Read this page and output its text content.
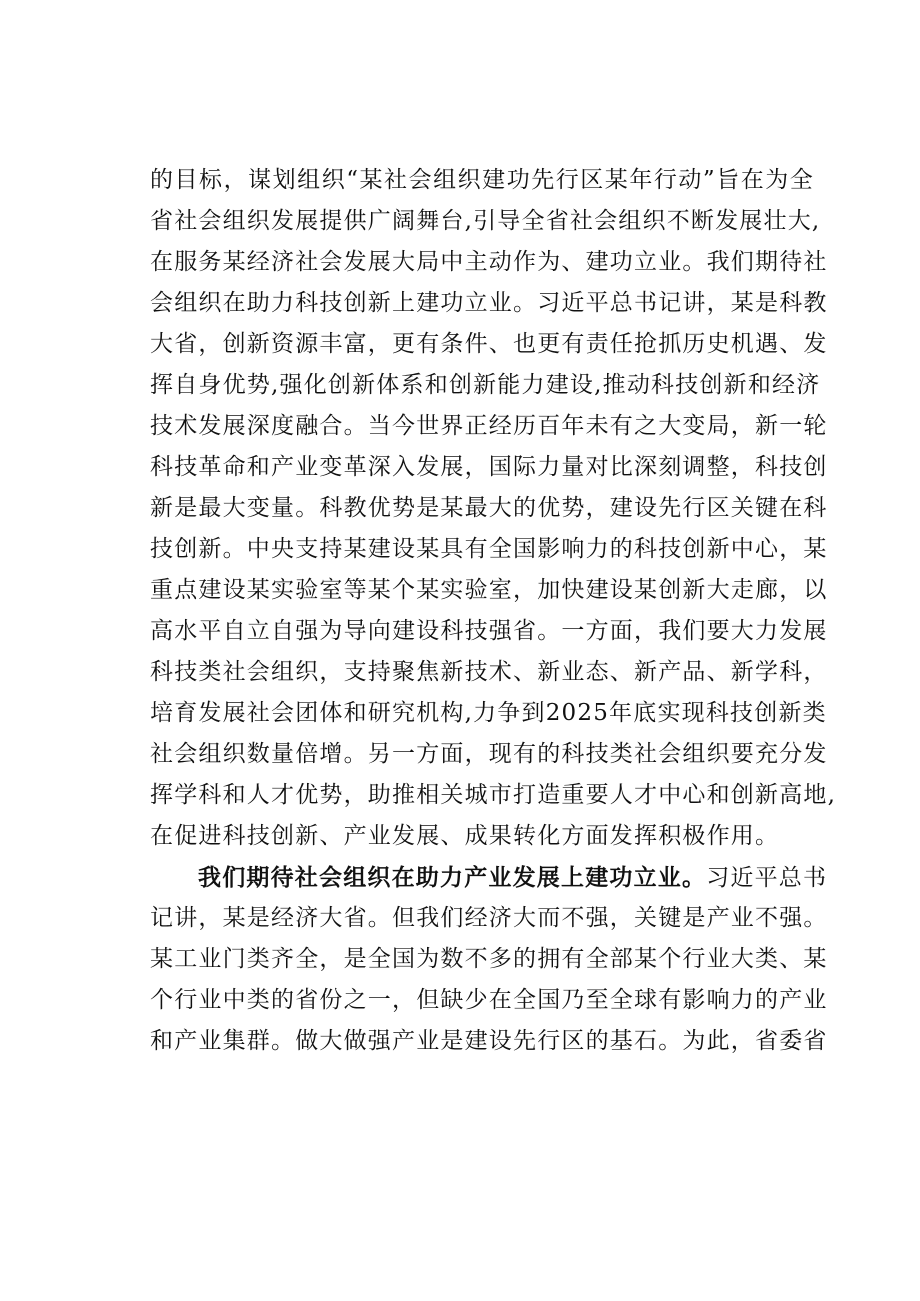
的目标，谋划组织“某社会组织建功先行区某年行动”旨在为全
省社会组织发展提供广阔舞台,引导全省社会组织不断发展壮大,
在服务某经济社会发展大局中主动作为、建功立业。我们期待社
会组织在助力科技创新上建功立业。习近平总书记讲，某是科教
大省，创新资源丰富，更有条件、也更有责任抢抓历史机遇、发
挥自身优势,强化创新体系和创新能力建设,推动科技创新和经济
技术发展深度融合。当今世界正经历百年未有之大变局，新一轮
科技革命和产业变革深入发展，国际力量对比深刻调整，科技创
新是最大变量。科教优势是某最大的优势，建设先行区关键在科
技创新。中央支持某建设某具有全国影响力的科技创新中心，某
重点建设某实验室等某个某实验室，加快建设某创新大走廊，以
高水平自立自强为导向建设科技强省。一方面，我们要大力发展
科技类社会组织，支持聚焦新技术、新业态、新产品、新学科，
培育发展社会团体和研究机构,力争到2025年底实现科技创新类
社会组织数量倍增。另一方面，现有的科技类社会组织要充分发
挥学科和人才优势，助推相关城市打造重要人才中心和创新高地,
在促进科技创新、产业发展、成果转化方面发挥积极作用。
我们期待社会组织在助力产业发展上建功立业。习近平总书
记讲，某是经济大省。但我们经济大而不强，关键是产业不强。
某工业门类齐全，是全国为数不多的拥有全部某个行业大类、某
个行业中类的省份之一，但缺少在全国乃至全球有影响力的产业
和产业集群。做大做强产业是建设先行区的基石。为此，省委省
